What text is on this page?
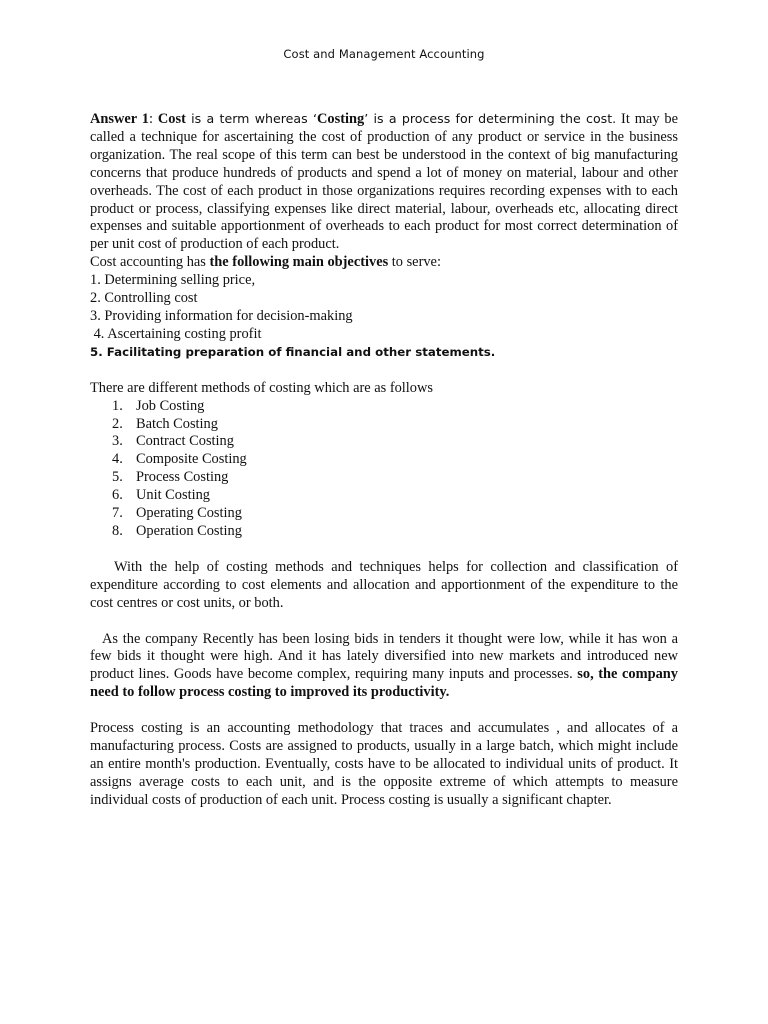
Cost and Management Accounting

Answer 1: Cost is a term whereas ‘Costing’ is a process for determining the cost. It may be called a technique for ascertaining the cost of production of any product or service in the business organization. The real scope of this term can best be understood in the context of big manufacturing concerns that produce hundreds of products and spend a lot of money on material, labour and other overheads. The cost of each product in those organizations requires recording expenses with to each product or process, classifying expenses like direct material, labour, overheads etc, allocating direct expenses and suitable apportionment of overheads to each product for most correct determination of per unit cost of production of each product.

Cost accounting has the following main objectives to serve:

1. Determining selling price,

2. Controlling cost

3. Providing information for decision-making

4. Ascertaining costing profit

5. Facilitating preparation of financial and other statements.

There are different methods of costing which are as follows

1. Job Costing
2. Batch Costing
3. Contract Costing
4. Composite Costing
5. Process Costing
6. Unit Costing
7. Operating Costing
8. Operation Costing

With the help of costing methods and techniques helps for collection and classification of expenditure according to cost elements and allocation and apportionment of the expenditure to the cost centres or cost units, or both.

As the company Recently has been losing bids in tenders it thought were low, while it has won a few bids it thought were high. And it has lately diversified into new markets and introduced new product lines. Goods have become complex, requiring many inputs and processes. so, the company need to follow process costing to improved its productivity.

Process costing is an accounting methodology that traces and accumulates , and allocates of a manufacturing process. Costs are assigned to products, usually in a large batch, which might include an entire month's production. Eventually, costs have to be allocated to individual units of product. It assigns average costs to each unit, and is the opposite extreme of which attempts to measure individual costs of production of each unit. Process costing is usually a significant chapter.
